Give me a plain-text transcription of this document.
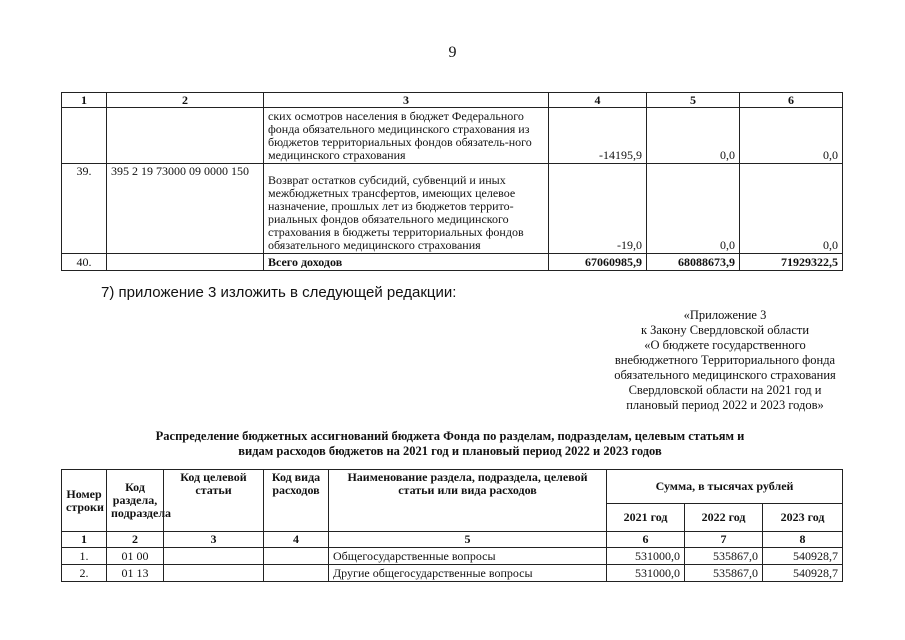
9
1	2	3	4	5	6
		ских осмотров населения в бюджет Федерального фонда обязательного медицинского страхования из бюджетов территориальных фондов обязатель-ного медицинского страхования	-14195,9	0,0	0,0
39.	395 2 19 73000 09 0000 150	Возврат остатков субсидий, субвенций и иных межбюджетных трансфертов, имеющих целевое назначение, прошлых лет из бюджетов террито-риальных фондов обязательного медицинского страхования в бюджеты территориальных фондов обязательного медицинского страхования	-19,0	0,0	0,0
40.		Всего доходов	67060985,9	68088673,9	71929322,5
7) приложение 3 изложить в следующей редакции:
«Приложение 3
к Закону Свердловской области
«О бюджете государственного
внебюджетного Территориального фонда
обязательного медицинского страхования
Свердловской области на 2021 год и
плановый период 2022 и 2023 годов»
Распределение бюджетных ассигнований бюджета Фонда по разделам, подразделам, целевым статьям и видам расходов бюджетов на 2021 год и плановый период 2022 и 2023 годов
Номер строки	Код раздела, подраздела	Код целевой статьи	Код вида расходов	Наименование раздела, подраздела, целевой статьи или вида расходов	Сумма, в тысячах рублей		
					2021 год	2022 год	2023 год
1	2	3	4	5	6	7	8
1.	01 00			Общегосударственные вопросы	531000,0	535867,0	540928,7
2.	01 13			Другие общегосударственные вопросы	531000,0	535867,0	540928,7
